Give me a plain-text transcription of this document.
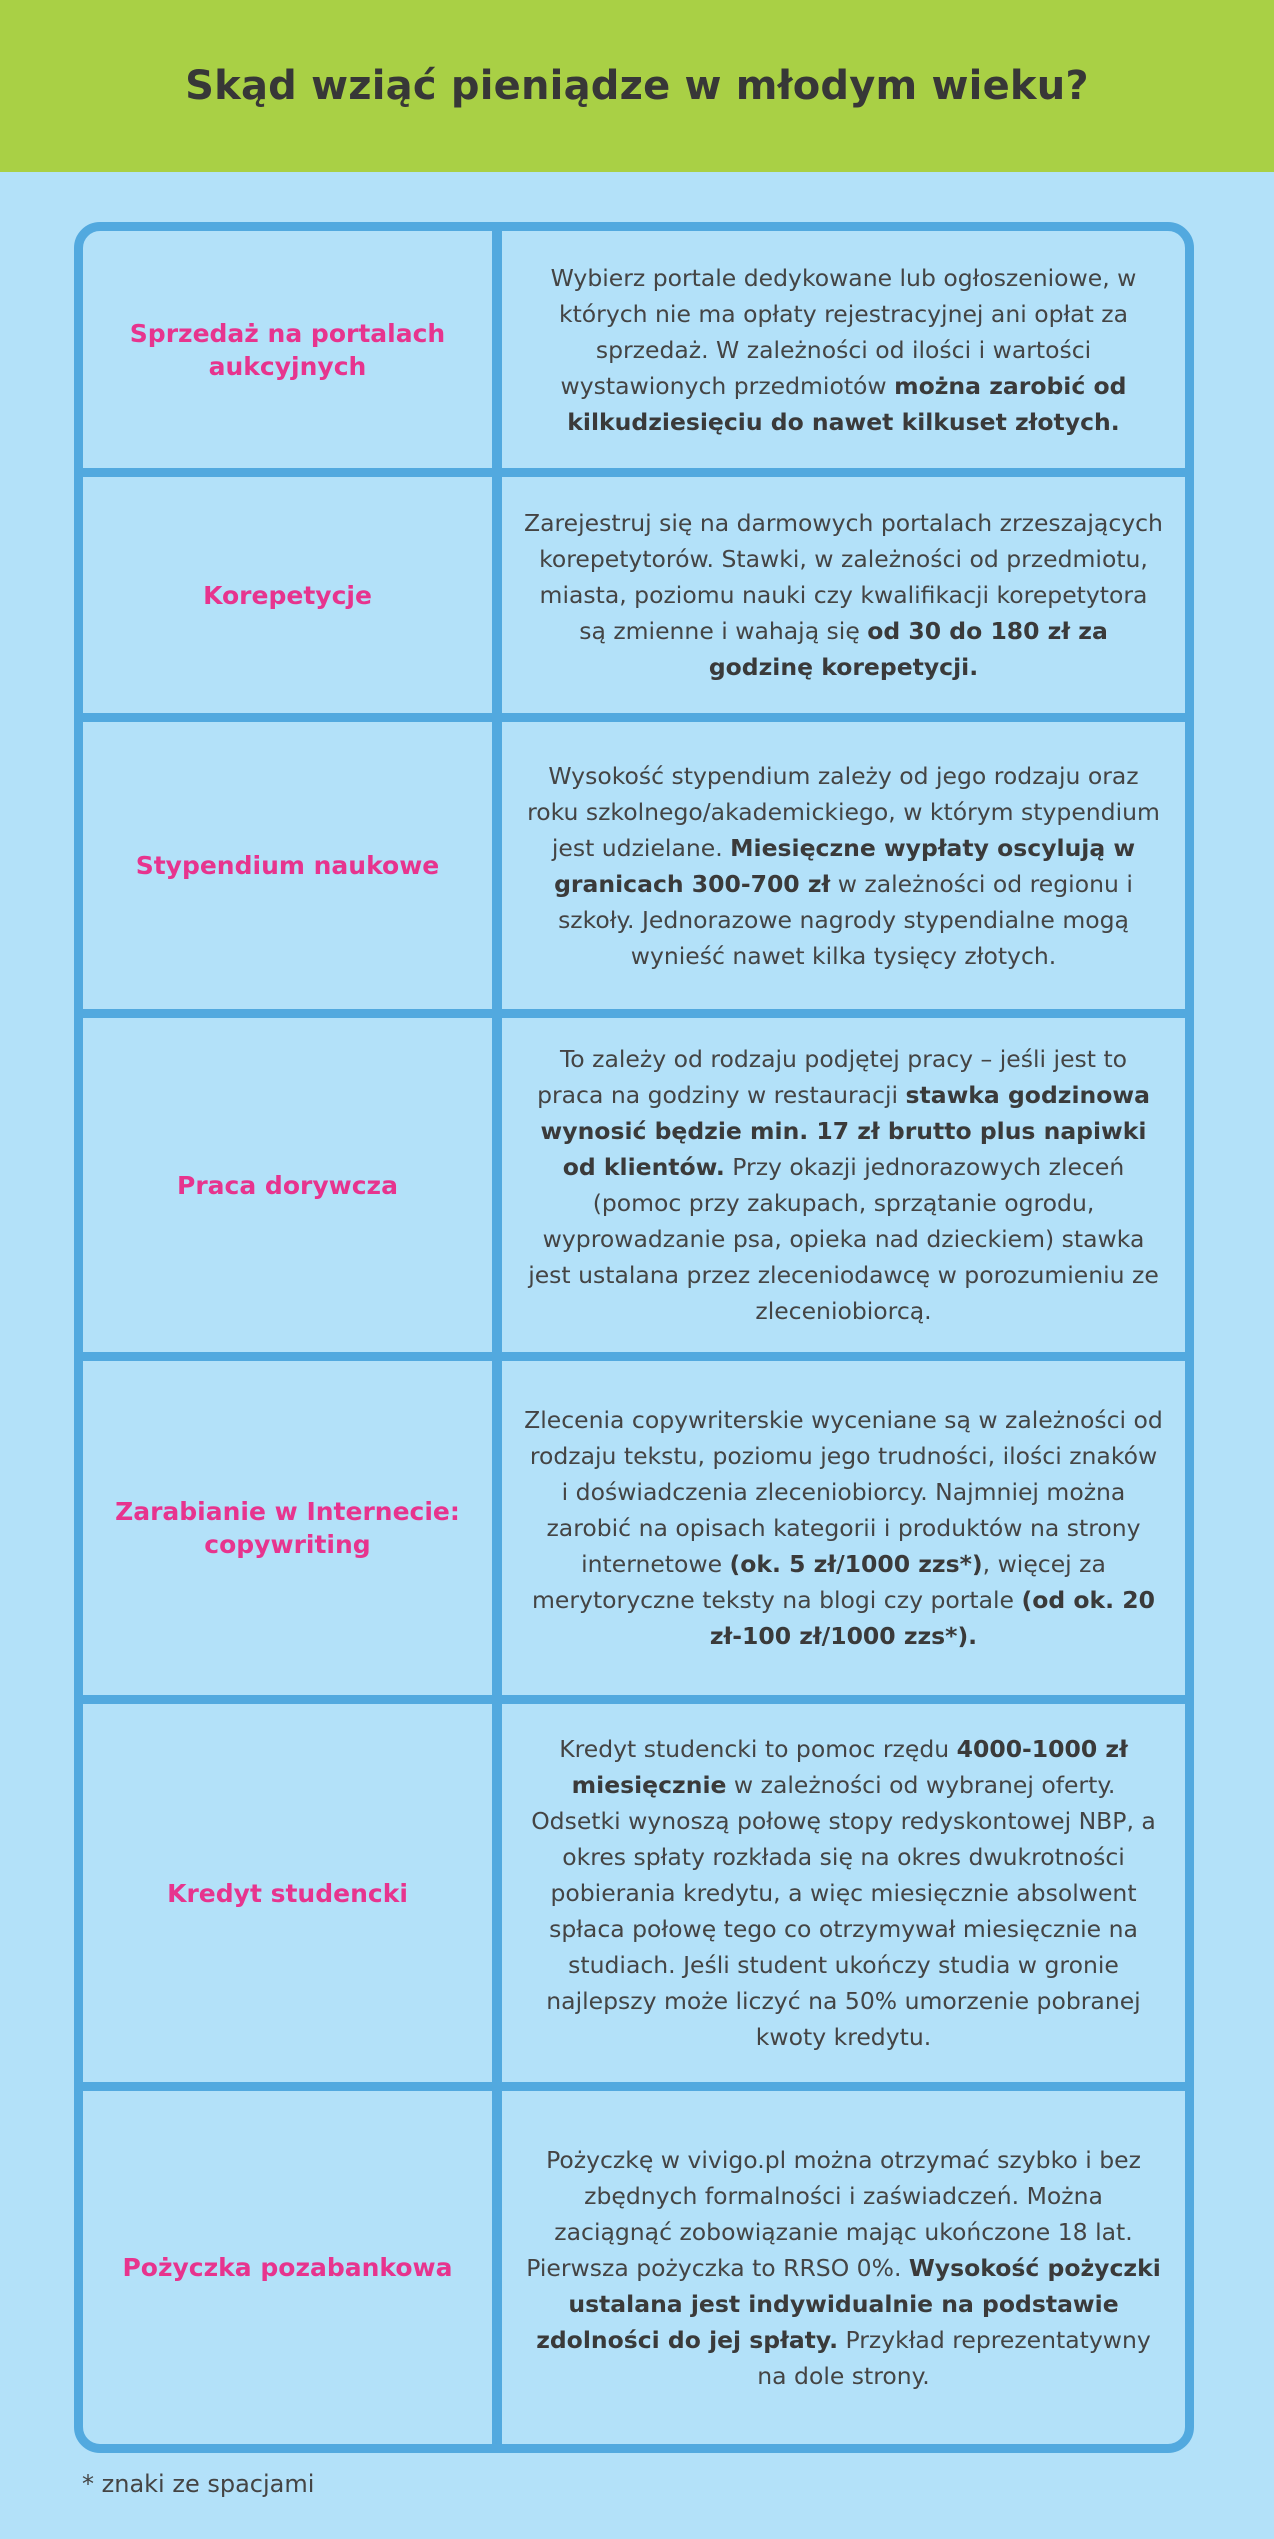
Skąd wziąć pieniądze w młodym wieku?
Sprzedaż na portalach
aukcyjnych

Wybierz portale dedykowane lub ogłoszeniowe, w których nie ma opłaty rejestracyjnej ani opłat za sprzedaż. W zależności od ilości i wartości wystawionych przedmiotów można zarobić od kilkudziesięciu do nawet kilkuset złotych.

Korepetycje

Zarejestruj się na darmowych portalach zrzeszających korepetytorów. Stawki, w zależności od przedmiotu, miasta, poziomu nauki czy kwalifikacji korepetytora są zmienne i wahają się od 30 do 180 zł za godzinę korepetycji.

Stypendium naukowe

Wysokość stypendium zależy od jego rodzaju oraz roku szkolnego/akademickiego, w którym stypendium jest udzielane. Miesięczne wypłaty oscylują w granicach 300-700 zł w zależności od regionu i szkoły. Jednorazowe nagrody stypendialne mogą wynieść nawet kilka tysięcy złotych.

Praca dorywcza

To zależy od rodzaju podjętej pracy – jeśli jest to praca na godziny w restauracji stawka godzinowa wynosić będzie min. 17 zł brutto plus napiwki od klientów. Przy okazji jednorazowych zleceń (pomoc przy zakupach, sprzątanie ogrodu, wyprowadzanie psa, opieka nad dzieckiem) stawka jest ustalana przez zleceniodawcę w porozumieniu ze zleceniobiorcą.

Zarabianie w Internecie:
copywriting

Zlecenia copywriterskie wyceniane są w zależności od rodzaju tekstu, poziomu jego trudności, ilości znaków i doświadczenia zleceniobiorcy. Najmniej można zarobić na opisach kategorii i produktów na strony internetowe (ok. 5 zł/1000 zzs*), więcej za merytoryczne teksty na blogi czy portale (od ok. 20 zł-100 zł/1000 zzs*).

Kredyt studencki

Kredyt studencki to pomoc rzędu 4000-1000 zł miesięcznie w zależności od wybranej oferty. Odsetki wynoszą połowę stopy redyskontowej NBP, a okres spłaty rozkłada się na okres dwukrotności pobierania kredytu, a więc miesięcznie absolwent spłaca połowę tego co otrzymywał miesięcznie na studiach. Jeśli student ukończy studia w gronie najlepszy może liczyć na 50% umorzenie pobranej kwoty kredytu.

Pożyczka pozabankowa

Pożyczkę w vivigo.pl można otrzymać szybko i bez zbędnych formalności i zaświadczeń. Można zaciągnąć zobowiązanie mając ukończone 18 lat. Pierwsza pożyczka to RRSO 0%. Wysokość pożyczki ustalana jest indywidualnie na podstawie zdolności do jej spłaty. Przykład reprezentatywny na dole strony.

* znaki ze spacjami
